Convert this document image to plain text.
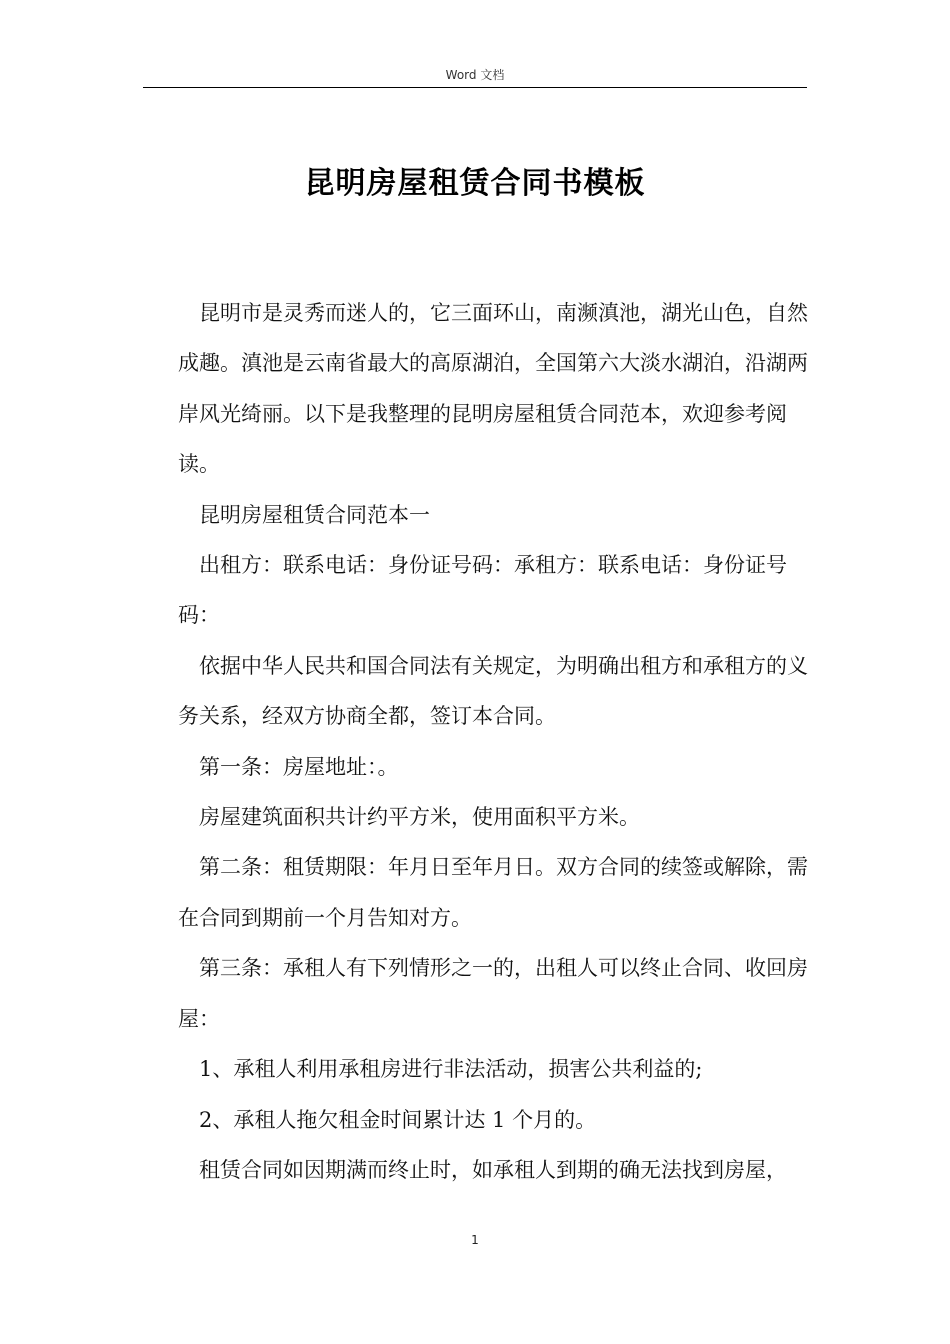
Word 文档
昆明房屋租赁合同书模板

昆明市是灵秀而迷人的，它三面环山，南濒滇池，湖光山色，自然 成趣。滇池是云南省最大的高原湖泊，全国第六大淡水湖泊，沿湖两岸风光绮丽。以下是我整理的昆明房屋租赁合同范本，欢迎参考阅读。

昆明房屋租赁合同范本一

出租方：联系电话：身份证号码：承租方：联系电话：身份证号码：

依据中华人民共和国合同法有关规定，为明确出租方和承租方的义务关系，经双方协商全都，签订本合同。

第一条：房屋地址：。

房屋建筑面积共计约平方米，使用面积平方米。

第二条：租赁期限：年月日至年月日。双方合同的续签或解除，需在合同到期前一个月告知对方。

第三条：承租人有下列情形之一的，出租人可以终止合同、收回房屋：

1、承租人利用承租房进行非法活动，损害公共利益的;

2、承租人拖欠租金时间累计达 1 个月的。

租赁合同如因期满而终止时，如承租人到期的确无法找到房屋，

1
